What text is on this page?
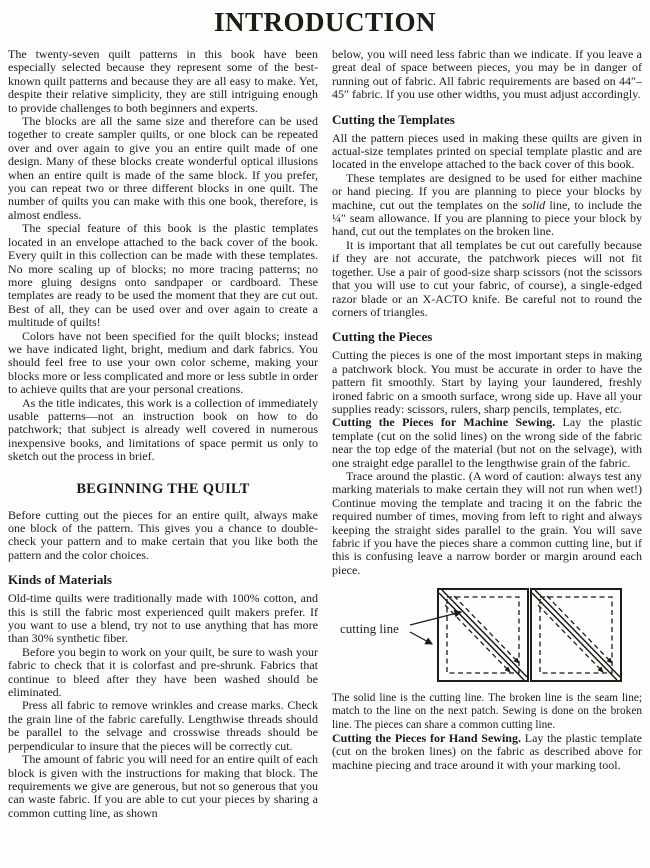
INTRODUCTION

The twenty-seven quilt patterns in this book have been especially selected because they represent some of the best-known quilt patterns and because they are all easy to make. Yet, despite their relative simplicity, they are still intriguing enough to provide challenges to both beginners and experts.

The blocks are all the same size and therefore can be used together to create sampler quilts, or one block can be repeated over and over again to give you an entire quilt made of one design. Many of these blocks create wonderful optical illusions when an entire quilt is made of the same block. If you prefer, you can repeat two or three different blocks in one quilt. The number of quilts you can make with this one book, therefore, is almost endless.

The special feature of this book is the plastic templates located in an envelope attached to the back cover of the book. Every quilt in this collection can be made with these templates. No more scaling up of blocks; no more tracing patterns; no more gluing designs onto sandpaper or cardboard. These templates are ready to be used the moment that they are cut out. Best of all, they can be used over and over again to create a multitude of quilts!

Colors have not been specified for the quilt blocks; instead we have indicated light, bright, medium and dark fabrics. You should feel free to use your own color scheme, making your blocks more or less complicated and more or less subtle in order to achieve quilts that are your personal creations.

As the title indicates, this work is a collection of immediately usable patterns—not an instruction book on how to do patchwork; that subject is already well covered in numerous inexpensive books, and limitations of space permit us only to sketch out the process in brief.

BEGINNING THE QUILT

Before cutting out the pieces for an entire quilt, always make one block of the pattern. This gives you a chance to double-check your pattern and to make certain that you like both the pattern and the color choices.

Kinds of Materials

Old-time quilts were traditionally made with 100% cotton, and this is still the fabric most experienced quilt makers prefer. If you want to use a blend, try not to use anything that has more than 30% synthetic fiber.

Before you begin to work on your quilt, be sure to wash your fabric to check that it is colorfast and pre-shrunk. Fabrics that continue to bleed after they have been washed should be eliminated.

Press all fabric to remove wrinkles and crease marks. Check the grain line of the fabric carefully. Lengthwise threads should be parallel to the selvage and crosswise threads should be perpendicular to insure that the pieces will be correctly cut.

The amount of fabric you will need for an entire quilt of each block is given with the instructions for making that block. The requirements we give are generous, but not so generous that you can waste fabric. If you are able to cut your pieces by sharing a common cutting line, as shown

below, you will need less fabric than we indicate. If you leave a great deal of space between pieces, you may be in danger of running out of fabric. All fabric requirements are based on 44″–45″ fabric. If you use other widths, you must adjust accordingly.

Cutting the Templates

All the pattern pieces used in making these quilts are given in actual-size templates printed on special template plastic and are located in the envelope attached to the back cover of this book.

These templates are designed to be used for either machine or hand piecing. If you are planning to piece your blocks by machine, cut out the templates on the solid line, to include the ¼″ seam allowance. If you are planning to piece your block by hand, cut out the templates on the broken line.

It is important that all templates be cut out carefully because if they are not accurate, the patchwork pieces will not fit together. Use a pair of good-size sharp scissors (not the scissors that you will use to cut your fabric, of course), a single-edged razor blade or an X-ACTO knife. Be careful not to round the corners of triangles.

Cutting the Pieces

Cutting the pieces is one of the most important steps in making a patchwork block. You must be accurate in order to have the pattern fit smoothly. Start by laying your laundered, freshly ironed fabric on a smooth surface, wrong side up. Have all your supplies ready: scissors, rulers, sharp pencils, templates, etc.

Cutting the Pieces for Machine Sewing. Lay the plastic template (cut on the solid lines) on the wrong side of the fabric near the top edge of the material (but not on the selvage), with one straight edge parallel to the lengthwise grain of the fabric.

Trace around the plastic. (A word of caution: always test any marking materials to make certain they will not run when wet!) Continue moving the template and tracing it on the fabric the required number of times, moving from left to right and always keeping the straight sides parallel to the grain. You will save fabric if you have the pieces share a common cutting line, but if this is confusing leave a narrow border or margin around each piece.

cutting line

The solid line is the cutting line. The broken line is the seam line; match to the line on the next patch. Sewing is done on the broken line. The pieces can share a common cutting line.

Cutting the Pieces for Hand Sewing. Lay the plastic template (cut on the broken lines) on the fabric as described above for machine piecing and trace around it with your marking tool.
